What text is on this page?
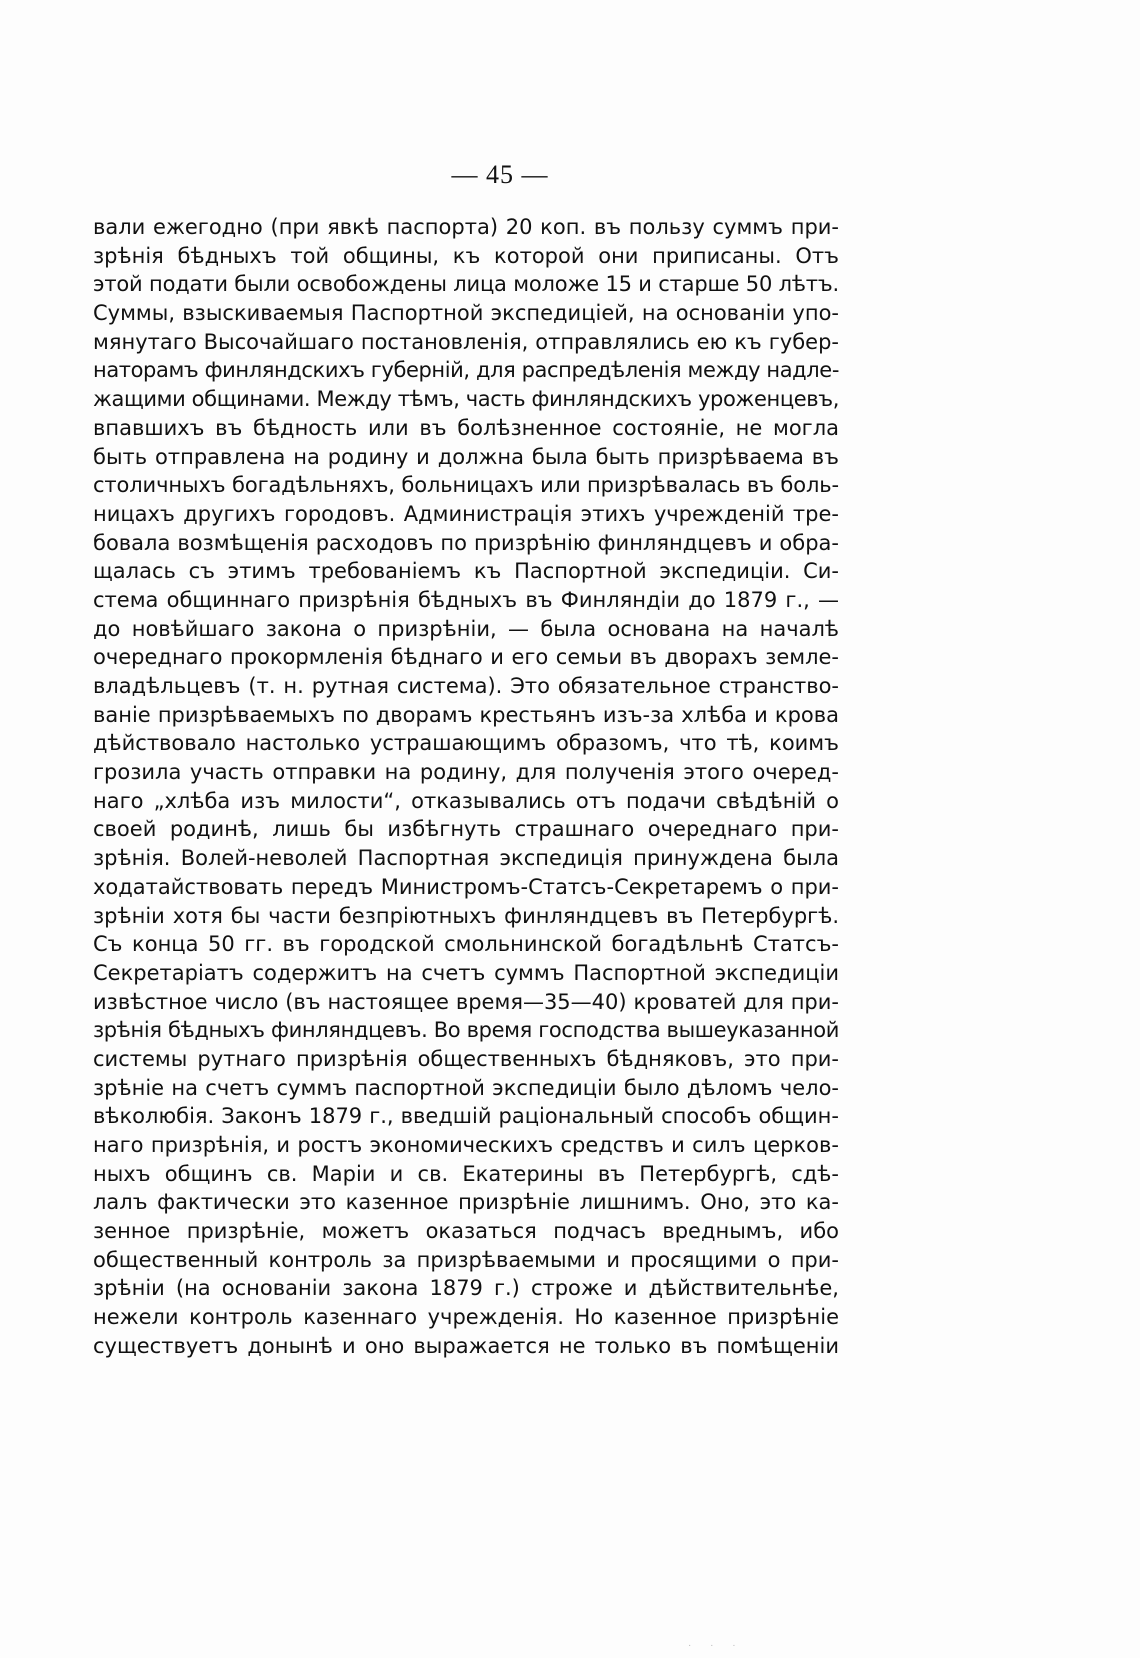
— 45 —
вали ежегодно (при явкѣ паспорта) 20 коп. въ пользу суммъ при-
зрѣнія бѣдныхъ той общины, къ которой они приписаны. Отъ
этой подати были освобождены лица моложе 15 и старше 50 лѣтъ.
Суммы, взыскиваемыя Паспортной экспедиціей, на основаніи упо-
мянутаго Высочайшаго постановленія, отправлялись ею къ губер-
наторамъ финляндскихъ губерній, для распредѣленія между надле-
жащими общинами. Между тѣмъ, часть финляндскихъ уроженцевъ,
впавшихъ въ бѣдность или въ болѣзненное состояніе, не могла
быть отправлена на родину и должна была быть призрѣваема въ
столичныхъ богадѣльняхъ, больницахъ или призрѣвалась въ боль-
ницахъ другихъ городовъ. Администрація этихъ учрежденій тре-
бовала возмѣщенія расходовъ по призрѣнію финляндцевъ и обра-
щалась съ этимъ требованіемъ къ Паспортной экспедиціи. Си-
стема общиннаго призрѣнія бѣдныхъ въ Финляндіи до 1879 г., —
до новѣйшаго закона о призрѣніи, — была основана на началѣ
очереднаго прокормленія бѣднаго и его семьи въ дворахъ земле-
владѣльцевъ (т. н. рутная система). Это обязательное странство-
ваніе призрѣваемыхъ по дворамъ крестьянъ изъ-за хлѣба и крова
дѣйствовало настолько устрашающимъ образомъ, что тѣ, коимъ
грозила участь отправки на родину, для полученія этого очеред-
наго „хлѣба изъ милости“, отказывались отъ подачи свѣдѣній о
своей родинѣ, лишь бы избѣгнуть страшнаго очереднаго при-
зрѣнія. Волей-неволей Паспортная экспедиція принуждена была
ходатайствовать передъ Министромъ-Статсъ-Секретаремъ о при-
зрѣніи хотя бы части безпріютныхъ финляндцевъ въ Петербургѣ.
Съ конца 50 гг. въ городской смольнинской богадѣльнѣ Статсъ-
Секретаріатъ содержитъ на счетъ суммъ Паспортной экспедиціи
извѣстное число (въ настоящее время—35—40) кроватей для при-
зрѣнія бѣдныхъ финляндцевъ. Во время господства вышеуказанной
системы рутнаго призрѣнія общественныхъ бѣдняковъ, это при-
зрѣніе на счетъ суммъ паспортной экспедиціи было дѣломъ чело-
вѣколюбія. Законъ 1879 г., введшій раціональный способъ общин-
наго призрѣнія, и ростъ экономическихъ средствъ и силъ церков-
ныхъ общинъ св. Маріи и св. Екатерины въ Петербургѣ, сдѣ-
лалъ фактически это казенное призрѣніе лишнимъ. Оно, это ка-
зенное призрѣніе, можетъ оказаться подчасъ вреднымъ, ибо
общественный контроль за призрѣваемыми и просящими о при-
зрѣніи (на основаніи закона 1879 г.) строже и дѣйствительнѣе,
нежели контроль казеннаго учрежденія. Но казенное призрѣніе
существуетъ донынѣ и оно выражается не только въ помѣщеніи
· · ·
